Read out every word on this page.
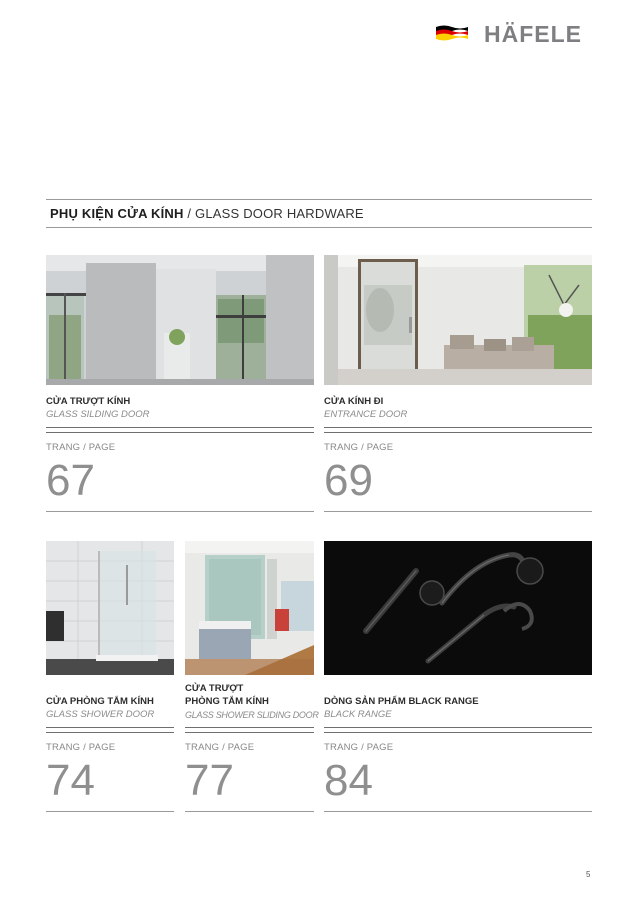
HÄFELE
PHỤ KIỆN CỬA KÍNH / GLASS DOOR HARDWARE
CỬA TRƯỢT KÍNH
GLASS SILDING DOOR
TRANG / PAGE
67
CỬA KÍNH ĐI
ENTRANCE DOOR
TRANG / PAGE
69
CỬA PHÒNG TẮM KÍNH
GLASS SHOWER DOOR
TRANG / PAGE
74
CỬA TRƯỢT
PHÒNG TẮM KÍNH
GLASS SHOWER SLIDING DOOR
TRANG / PAGE
77
DÒNG SẢN PHẨM BLACK RANGE
BLACK RANGE
TRANG / PAGE
84
5
